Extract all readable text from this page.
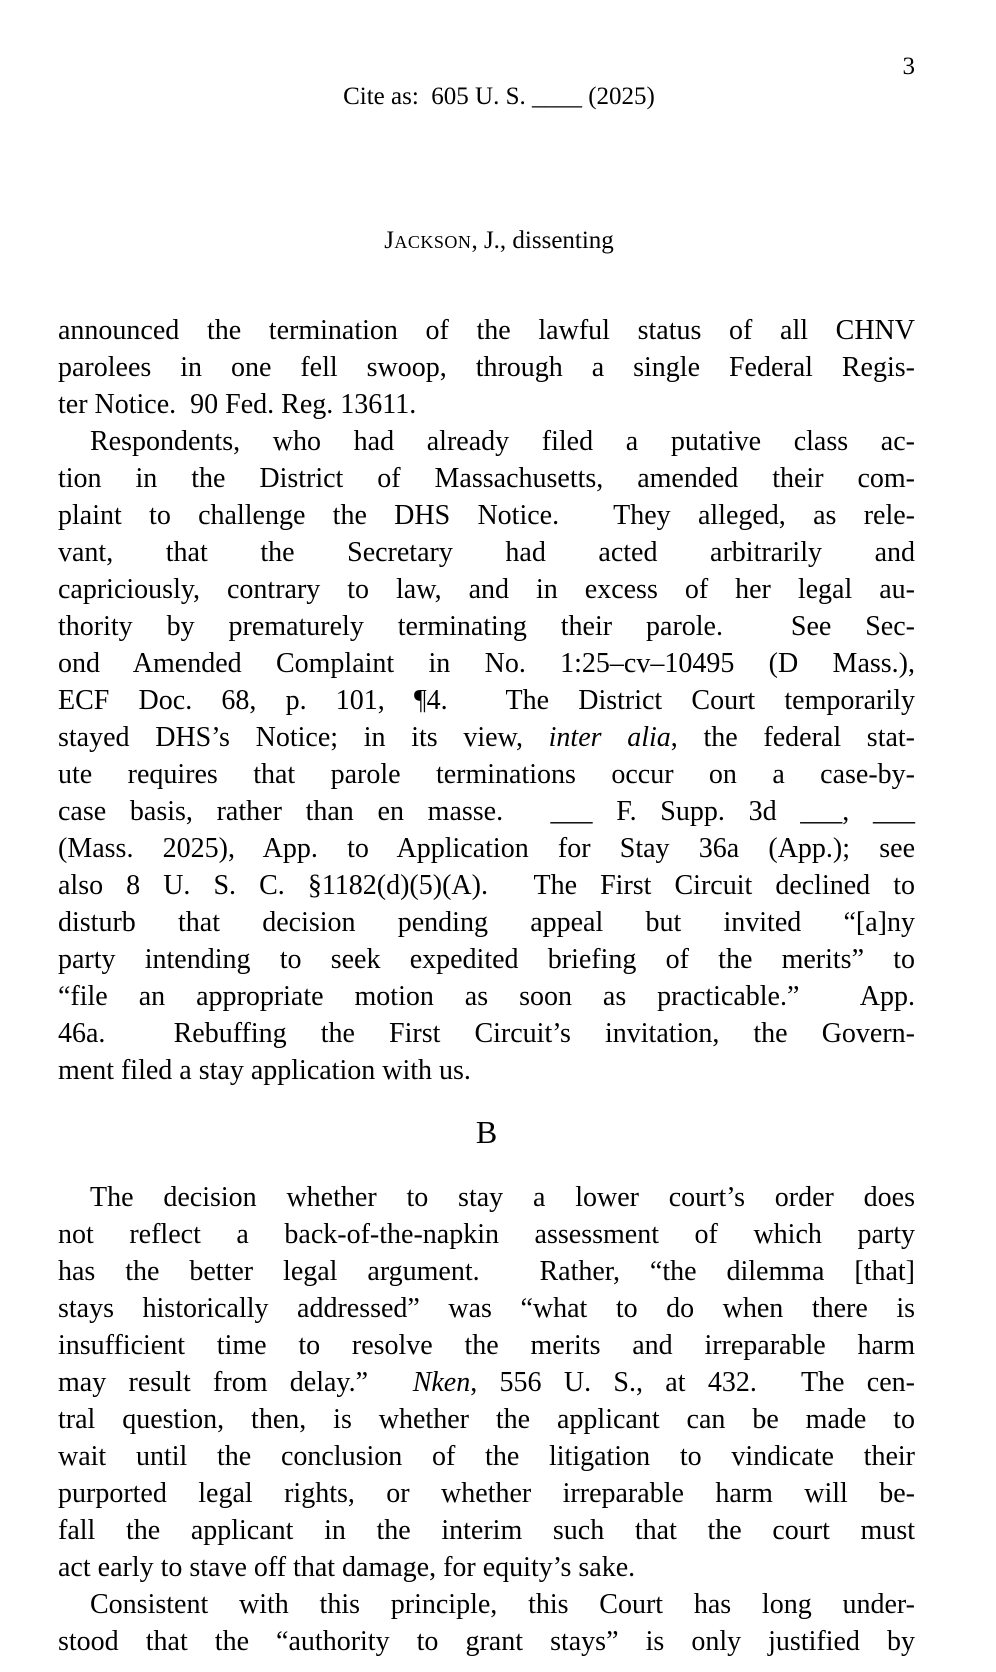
Cite as:  605 U. S. ____ (2025)

3

Jackson, J., dissenting

announced the termination of the lawful status of all CHNV
parolees in one fell swoop, through a single Federal Regis-
ter Notice.  90 Fed. Reg. 13611.
Respondents, who had already filed a putative class ac-
tion in the District of Massachusetts, amended their com-
plaint to challenge the DHS Notice.  They alleged, as rele-
vant, that the Secretary had acted arbitrarily and
capriciously, contrary to law, and in excess of her legal au-
thority by prematurely terminating their parole.  See Sec-
ond Amended Complaint in No. 1:25–cv–10495 (D Mass.),
ECF Doc. 68, p. 101, ¶4.  The District Court temporarily
stayed DHS’s Notice; in its view, inter alia, the federal stat-
ute requires that parole terminations occur on a case-by-
case basis, rather than en masse.  ___ F. Supp. 3d ___, ___
(Mass. 2025), App. to Application for Stay 36a (App.); see
also 8 U. S. C. §1182(d)(5)(A).  The First Circuit declined to
disturb that decision pending appeal but invited “[a]ny
party intending to seek expedited briefing of the merits” to
“file an appropriate motion as soon as practicable.”  App.
46a.  Rebuffing the First Circuit’s invitation, the Govern-
ment filed a stay application with us.
B
The decision whether to stay a lower court’s order does
not reflect a back-of-the-napkin assessment of which party
has the better legal argument.  Rather, “the dilemma [that]
stays historically addressed” was “what to do when there is
insufficient time to resolve the merits and irreparable harm
may result from delay.”  Nken, 556 U. S., at 432.  The cen-
tral question, then, is whether the applicant can be made to
wait until the conclusion of the litigation to vindicate their
purported legal rights, or whether irreparable harm will be-
fall the applicant in the interim such that the court must
act early to stave off that damage, for equity’s sake.
Consistent with this principle, this Court has long under-
stood that the “authority to grant stays” is only justified by
